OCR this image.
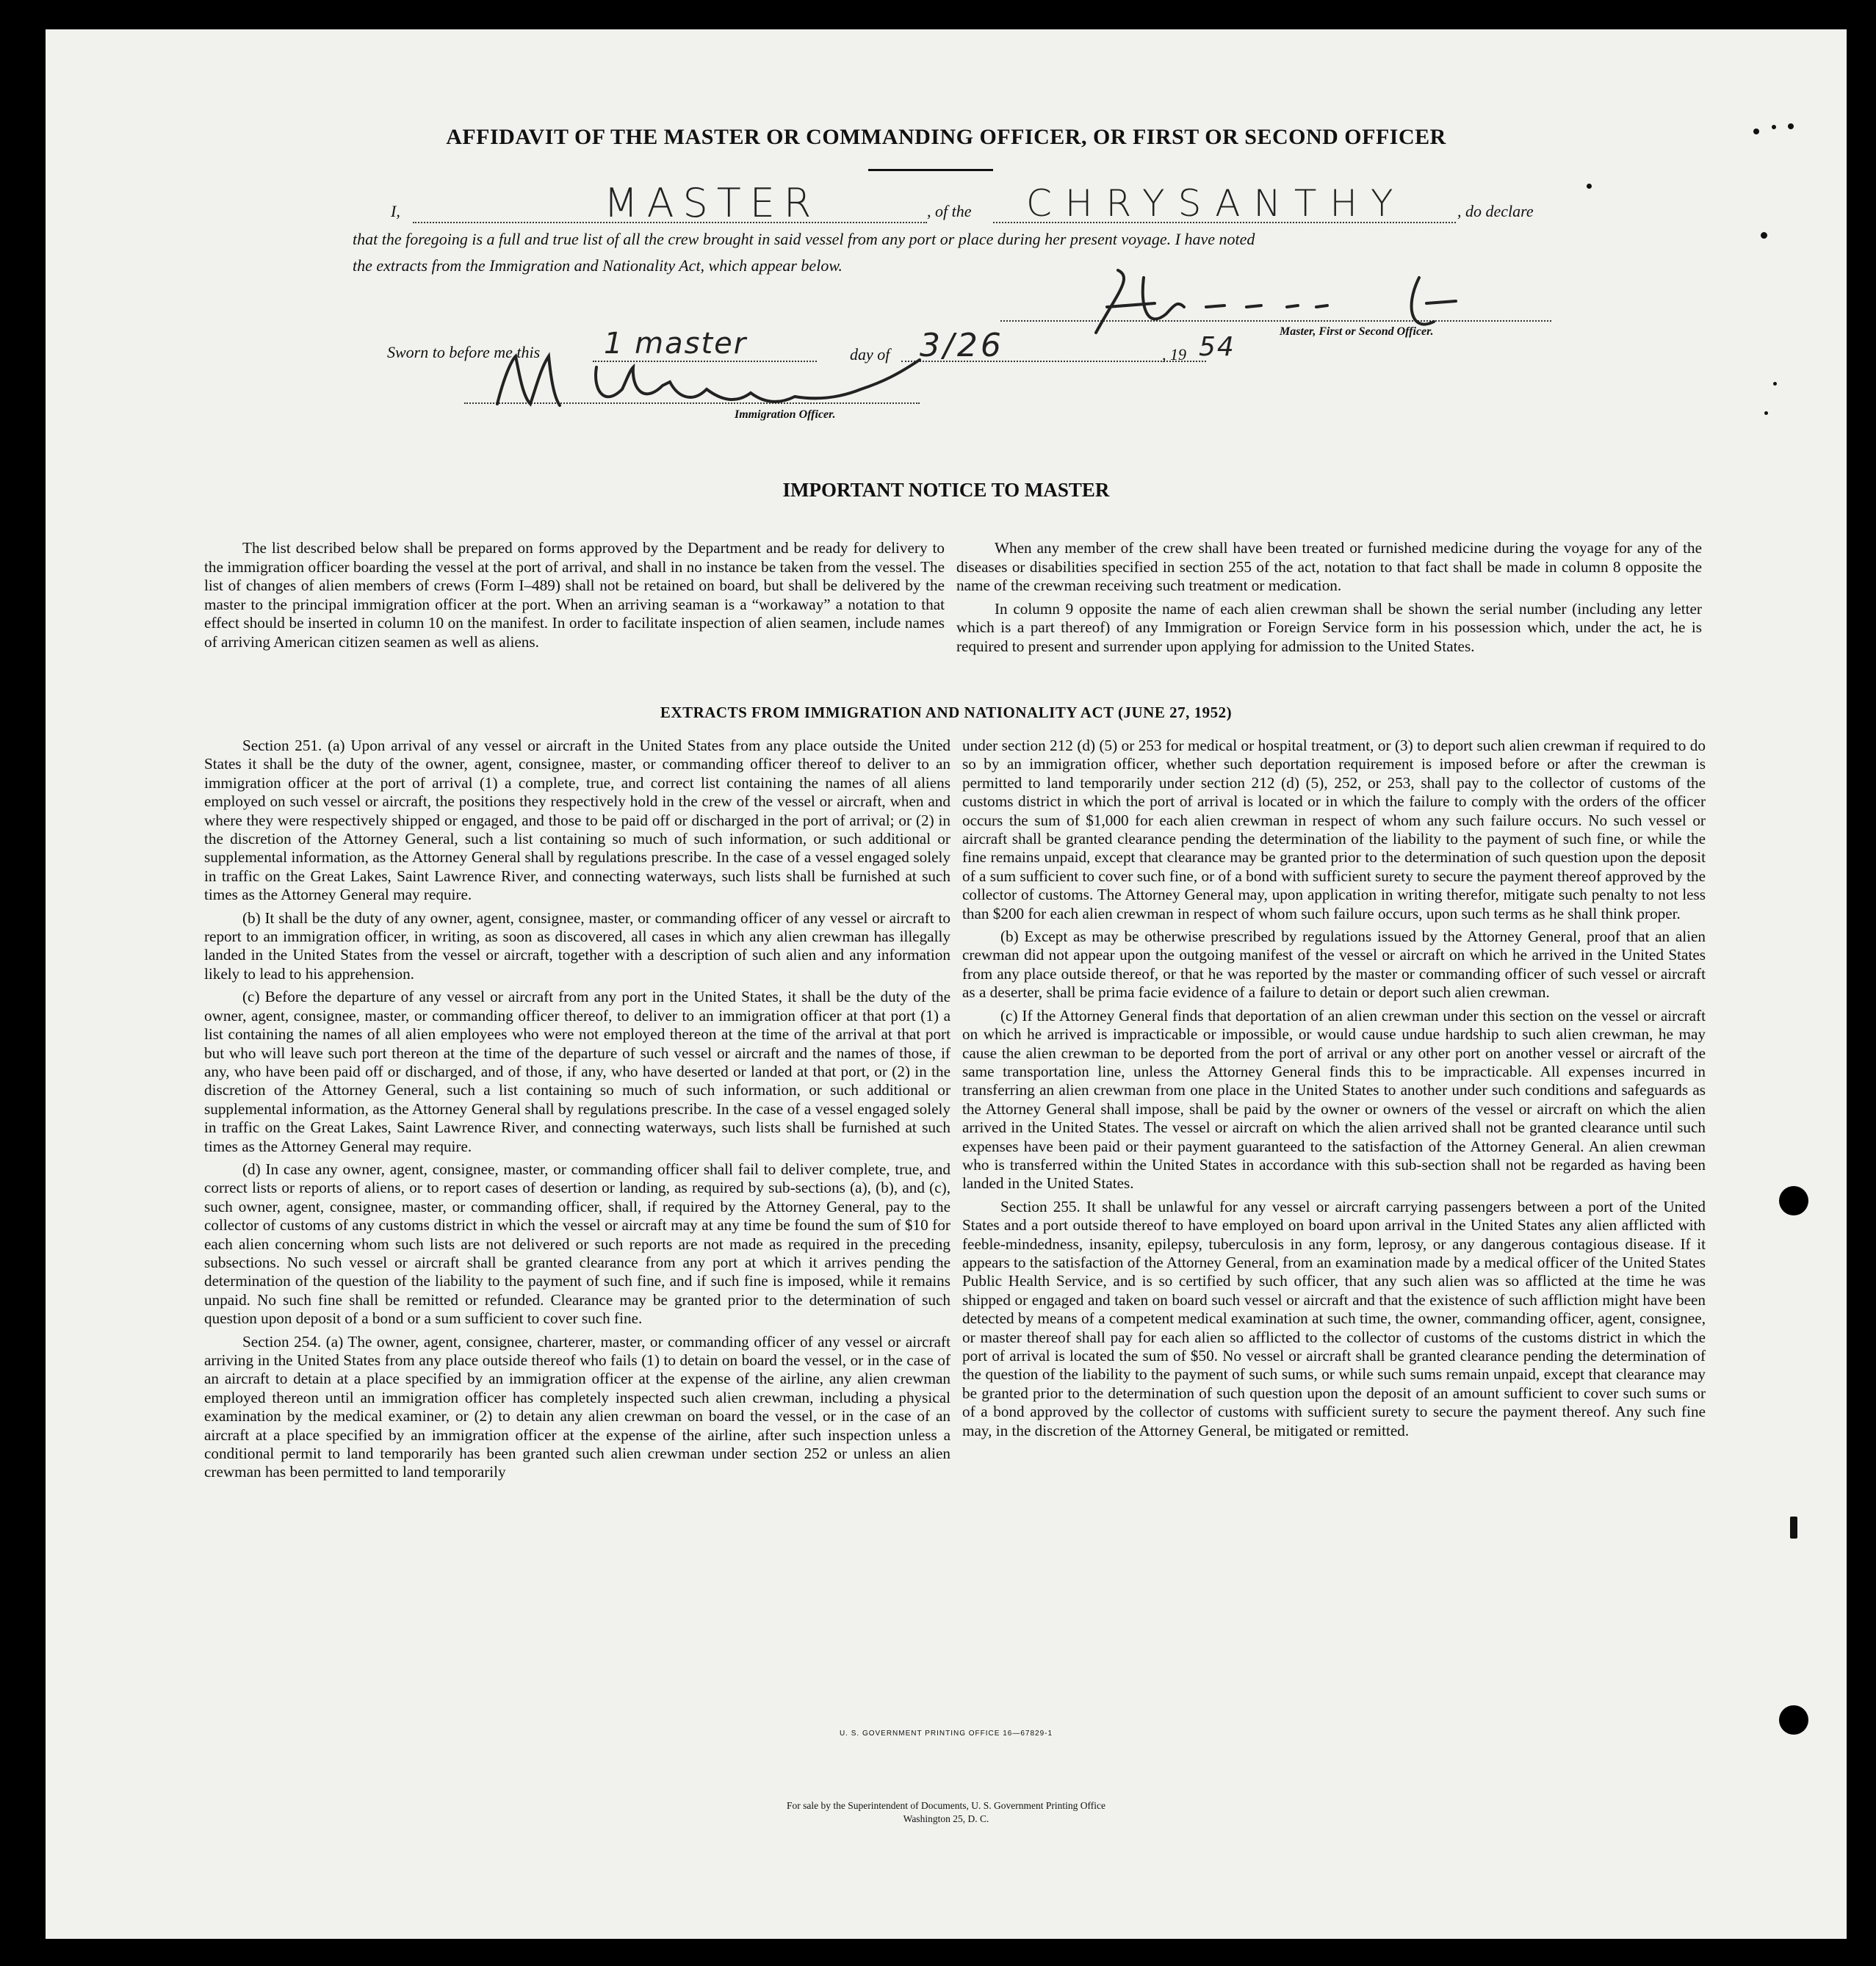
AFFIDAVIT OF THE MASTER OR COMMANDING OFFICER, OR FIRST OR SECOND OFFICER
I,	MASTER	, of the CHRYSANTHY	, do declare
that the foregoing is a full and true list of all the crew brought in said vessel from any port or place during her present voyage. I have noted
the extracts from the Immigration and Nationality Act, which appear below.
Master, First or Second Officer.
Sworn to before me this 1 master	day of 3/26	, 19 54
Immigration Officer.
IMPORTANT NOTICE TO MASTER

The list described below shall be prepared on forms approved by the Department and be ready for delivery to the immigration officer boarding the vessel at the port of arrival, and shall in no instance be taken from the vessel. The list of changes of alien members of crews (Form I–489) shall not be retained on board, but shall be delivered by the master to the principal immigration officer at the port. When an arriving seaman is a “workaway” a notation to that effect should be inserted in column 10 on the manifest. In order to facilitate inspection of alien seamen, include names of arriving American citizen seamen as well as aliens.

When any member of the crew shall have been treated or furnished medicine during the voyage for any of the diseases or disabilities specified in section 255 of the act, notation to that fact shall be made in column 8 opposite the name of the crewman receiving such treatment or medication.

In column 9 opposite the name of each alien crewman shall be shown the serial number (including any letter which is a part thereof) of any Immigration or Foreign Service form in his possession which, under the act, he is required to present and surrender upon applying for admission to the United States.

EXTRACTS FROM IMMIGRATION AND NATIONALITY ACT (JUNE 27, 1952)

Section 251. (a) Upon arrival of any vessel or aircraft in the United States from any place outside the United States it shall be the duty of the owner, agent, consignee, master, or commanding officer thereof to deliver to an immigration officer at the port of arrival (1) a complete, true, and correct list containing the names of all aliens employed on such vessel or aircraft, the positions they respectively hold in the crew of the vessel or aircraft, when and where they were respectively shipped or engaged, and those to be paid off or discharged in the port of arrival; or (2) in the discretion of the Attorney General, such a list containing so much of such information, or such additional or supplemental information, as the Attorney General shall by regulations prescribe. In the case of a vessel engaged solely in traffic on the Great Lakes, Saint Lawrence River, and connecting waterways, such lists shall be furnished at such times as the Attorney General may require.

(b) It shall be the duty of any owner, agent, consignee, master, or commanding officer of any vessel or aircraft to report to an immigration officer, in writing, as soon as discovered, all cases in which any alien crewman has illegally landed in the United States from the vessel or aircraft, together with a description of such alien and any information likely to lead to his apprehension.

(c) Before the departure of any vessel or aircraft from any port in the United States, it shall be the duty of the owner, agent, consignee, master, or commanding officer thereof, to deliver to an immigration officer at that port (1) a list containing the names of all alien employees who were not employed thereon at the time of the arrival at that port but who will leave such port thereon at the time of the departure of such vessel or aircraft and the names of those, if any, who have been paid off or discharged, and of those, if any, who have deserted or landed at that port, or (2) in the discretion of the Attorney General, such a list containing so much of such information, or such additional or supplemental information, as the Attorney General shall by regulations prescribe. In the case of a vessel engaged solely in traffic on the Great Lakes, Saint Lawrence River, and connecting waterways, such lists shall be furnished at such times as the Attorney General may require.

(d) In case any owner, agent, consignee, master, or commanding officer shall fail to deliver complete, true, and correct lists or reports of aliens, or to report cases of desertion or landing, as required by sub-sections (a), (b), and (c), such owner, agent, consignee, master, or commanding officer, shall, if required by the Attorney General, pay to the collector of customs of any customs district in which the vessel or aircraft may at any time be found the sum of $10 for each alien concerning whom such lists are not delivered or such reports are not made as required in the preceding subsections. No such vessel or aircraft shall be granted clearance from any port at which it arrives pending the determination of the question of the liability to the payment of such fine, and if such fine is imposed, while it remains unpaid. No such fine shall be remitted or refunded. Clearance may be granted prior to the determination of such question upon deposit of a bond or a sum sufficient to cover such fine.

Section 254. (a) The owner, agent, consignee, charterer, master, or commanding officer of any vessel or aircraft arriving in the United States from any place outside thereof who fails (1) to detain on board the vessel, or in the case of an aircraft to detain at a place specified by an immigration officer at the expense of the airline, any alien crewman employed thereon until an immigration officer has completely inspected such alien crewman, including a physical examination by the medical examiner, or (2) to detain any alien crewman on board the vessel, or in the case of an aircraft at a place specified by an immigration officer at the expense of the airline, after such inspection unless a conditional permit to land temporarily has been granted such alien crewman under section 252 or unless an alien crewman has been permitted to land temporarily

under section 212 (d) (5) or 253 for medical or hospital treatment, or (3) to deport such alien crewman if required to do so by an immigration officer, whether such deportation requirement is imposed before or after the crewman is permitted to land temporarily under section 212 (d) (5), 252, or 253, shall pay to the collector of customs of the customs district in which the port of arrival is located or in which the failure to comply with the orders of the officer occurs the sum of $1,000 for each alien crewman in respect of whom any such failure occurs. No such vessel or aircraft shall be granted clearance pending the determination of the liability to the payment of such fine, or while the fine remains unpaid, except that clearance may be granted prior to the determination of such question upon the deposit of a sum sufficient to cover such fine, or of a bond with sufficient surety to secure the payment thereof approved by the collector of customs. The Attorney General may, upon application in writing therefor, mitigate such penalty to not less than $200 for each alien crewman in respect of whom such failure occurs, upon such terms as he shall think proper.

(b) Except as may be otherwise prescribed by regulations issued by the Attorney General, proof that an alien crewman did not appear upon the outgoing manifest of the vessel or aircraft on which he arrived in the United States from any place outside thereof, or that he was reported by the master or commanding officer of such vessel or aircraft as a deserter, shall be prima facie evidence of a failure to detain or deport such alien crewman.

(c) If the Attorney General finds that deportation of an alien crewman under this section on the vessel or aircraft on which he arrived is impracticable or impossible, or would cause undue hardship to such alien crewman, he may cause the alien crewman to be deported from the port of arrival or any other port on another vessel or aircraft of the same transportation line, unless the Attorney General finds this to be impracticable. All expenses incurred in transferring an alien crewman from one place in the United States to another under such conditions and safeguards as the Attorney General shall impose, shall be paid by the owner or owners of the vessel or aircraft on which the alien arrived in the United States. The vessel or aircraft on which the alien arrived shall not be granted clearance until such expenses have been paid or their payment guaranteed to the satisfaction of the Attorney General. An alien crewman who is transferred within the United States in accordance with this sub-section shall not be regarded as having been landed in the United States.

Section 255. It shall be unlawful for any vessel or aircraft carrying passengers between a port of the United States and a port outside thereof to have employed on board upon arrival in the United States any alien afflicted with feeble-mindedness, insanity, epilepsy, tuberculosis in any form, leprosy, or any dangerous contagious disease. If it appears to the satisfaction of the Attorney General, from an examination made by a medical officer of the United States Public Health Service, and is so certified by such officer, that any such alien was so afflicted at the time he was shipped or engaged and taken on board such vessel or aircraft and that the existence of such affliction might have been detected by means of a competent medical examination at such time, the owner, commanding officer, agent, consignee, or master thereof shall pay for each alien so afflicted to the collector of customs of the customs district in which the port of arrival is located the sum of $50. No vessel or aircraft shall be granted clearance pending the determination of the question of the liability to the payment of such sums, or while such sums remain unpaid, except that clearance may be granted prior to the determination of such question upon the deposit of an amount sufficient to cover such sums or of a bond approved by the collector of customs with sufficient surety to secure the payment thereof. Any such fine may, in the discretion of the Attorney General, be mitigated or remitted.

U. S. GOVERNMENT PRINTING OFFICE 16—67829-1
For sale by the Superintendent of Documents, U. S. Government Printing Office
Washington 25, D. C.
